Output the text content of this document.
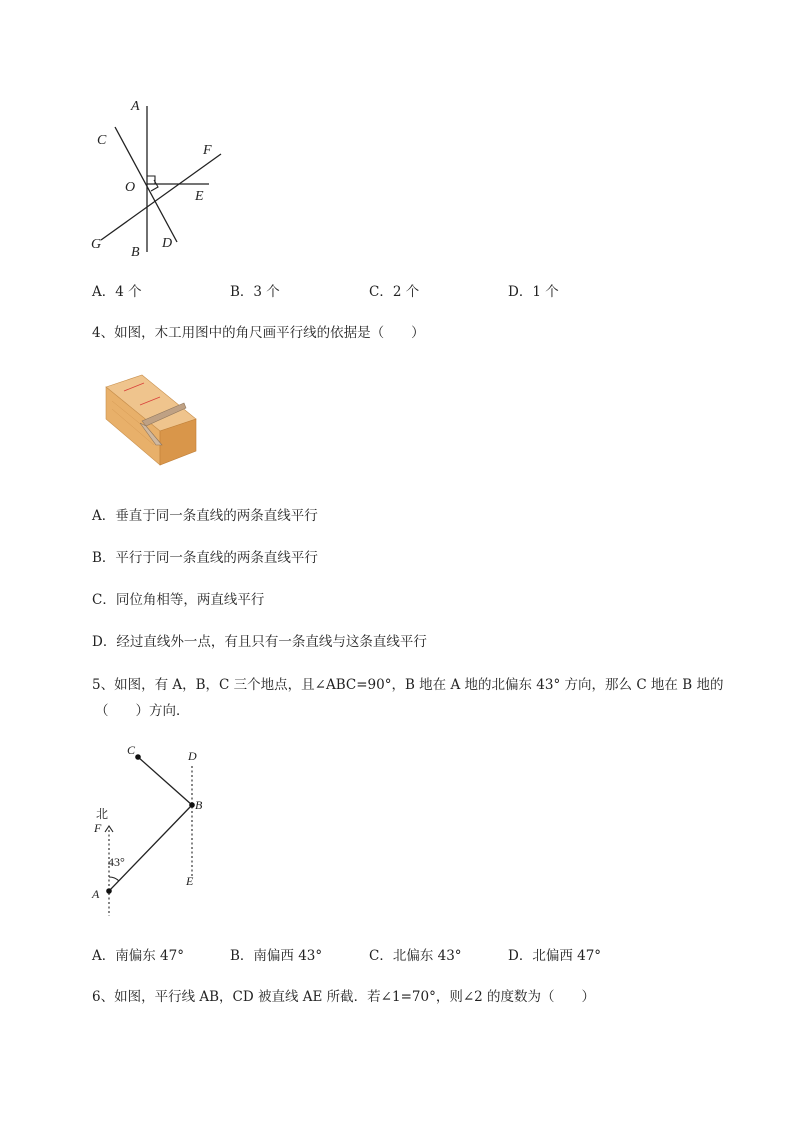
A
C
F
O
E
G
B
D
A．4 个	B．3 个	C．2 个	D．1 个
4、如图，木工用图中的角尺画平行线的依据是（　　）
A．垂直于同一条直线的两条直线平行
B．平行于同一条直线的两条直线平行
C．同位角相等，两直线平行
D．经过直线外一点，有且只有一条直线与这条直线平行
5、如图，有 A，B，C 三个地点，且∠ABC=90°，B 地在 A 地的北偏东 43° 方向，那么 C 地在 B 地的
（　　）方向．
北
F
43°
A
B
C	D
E
A．南偏东 47°	B．南偏西 43°	C．北偏东 43°	D．北偏西 47°
6、如图，平行线 AB，CD 被直线 AE 所截．若∠1=70°，则∠2 的度数为（　　）
